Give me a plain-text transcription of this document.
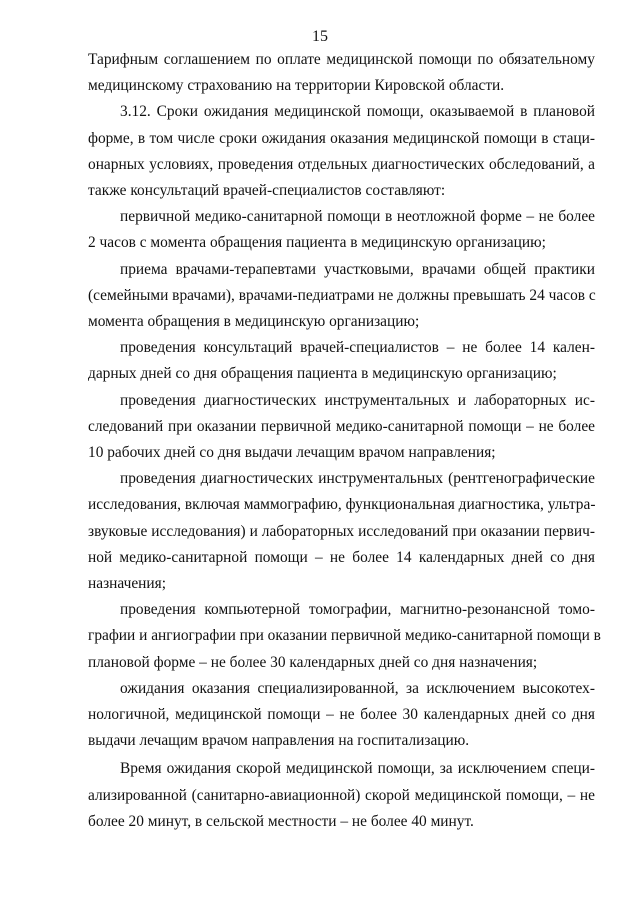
15
Тарифным соглашением по оплате медицинской помощи по обязательному
медицинскому страхованию на территории Кировской области.
3.12. Сроки ожидания медицинской помощи, оказываемой в плановой
форме, в том числе сроки ожидания оказания медицинской помощи в стаци-
онарных условиях, проведения отдельных диагностических обследований, а
также консультаций врачей-специалистов составляют:
первичной медико-санитарной помощи в неотложной форме – не более
2 часов с момента обращения пациента в медицинскую организацию;
приема врачами-терапевтами участковыми, врачами общей практики
(семейными врачами), врачами-педиатрами не должны превышать 24 часов с
момента обращения в медицинскую организацию;
проведения консультаций врачей-специалистов – не более 14 кален-
дарных дней со дня обращения пациента в медицинскую организацию;
проведения диагностических инструментальных и лабораторных ис-
следований при оказании первичной медико-санитарной помощи – не более
10 рабочих дней со дня выдачи лечащим врачом направления;
проведения диагностических инструментальных (рентгенографические
исследования, включая маммографию, функциональная диагностика, ультра-
звуковые исследования) и лабораторных исследований при оказании первич-
ной медико-санитарной помощи – не более 14 календарных дней со дня
назначения;
проведения компьютерной томографии, магнитно-резонансной томо-
графии и ангиографии при оказании первичной медико-санитарной помощи в
плановой форме – не более 30 календарных дней со дня назначения;
ожидания оказания специализированной, за исключением высокотех-
нологичной, медицинской помощи – не более 30 календарных дней со дня
выдачи лечащим врачом направления на госпитализацию.
Время ожидания скорой медицинской помощи, за исключением специ-
ализированной (санитарно-авиационной) скорой медицинской помощи, – не
более 20 минут, в сельской местности – не более 40 минут.
